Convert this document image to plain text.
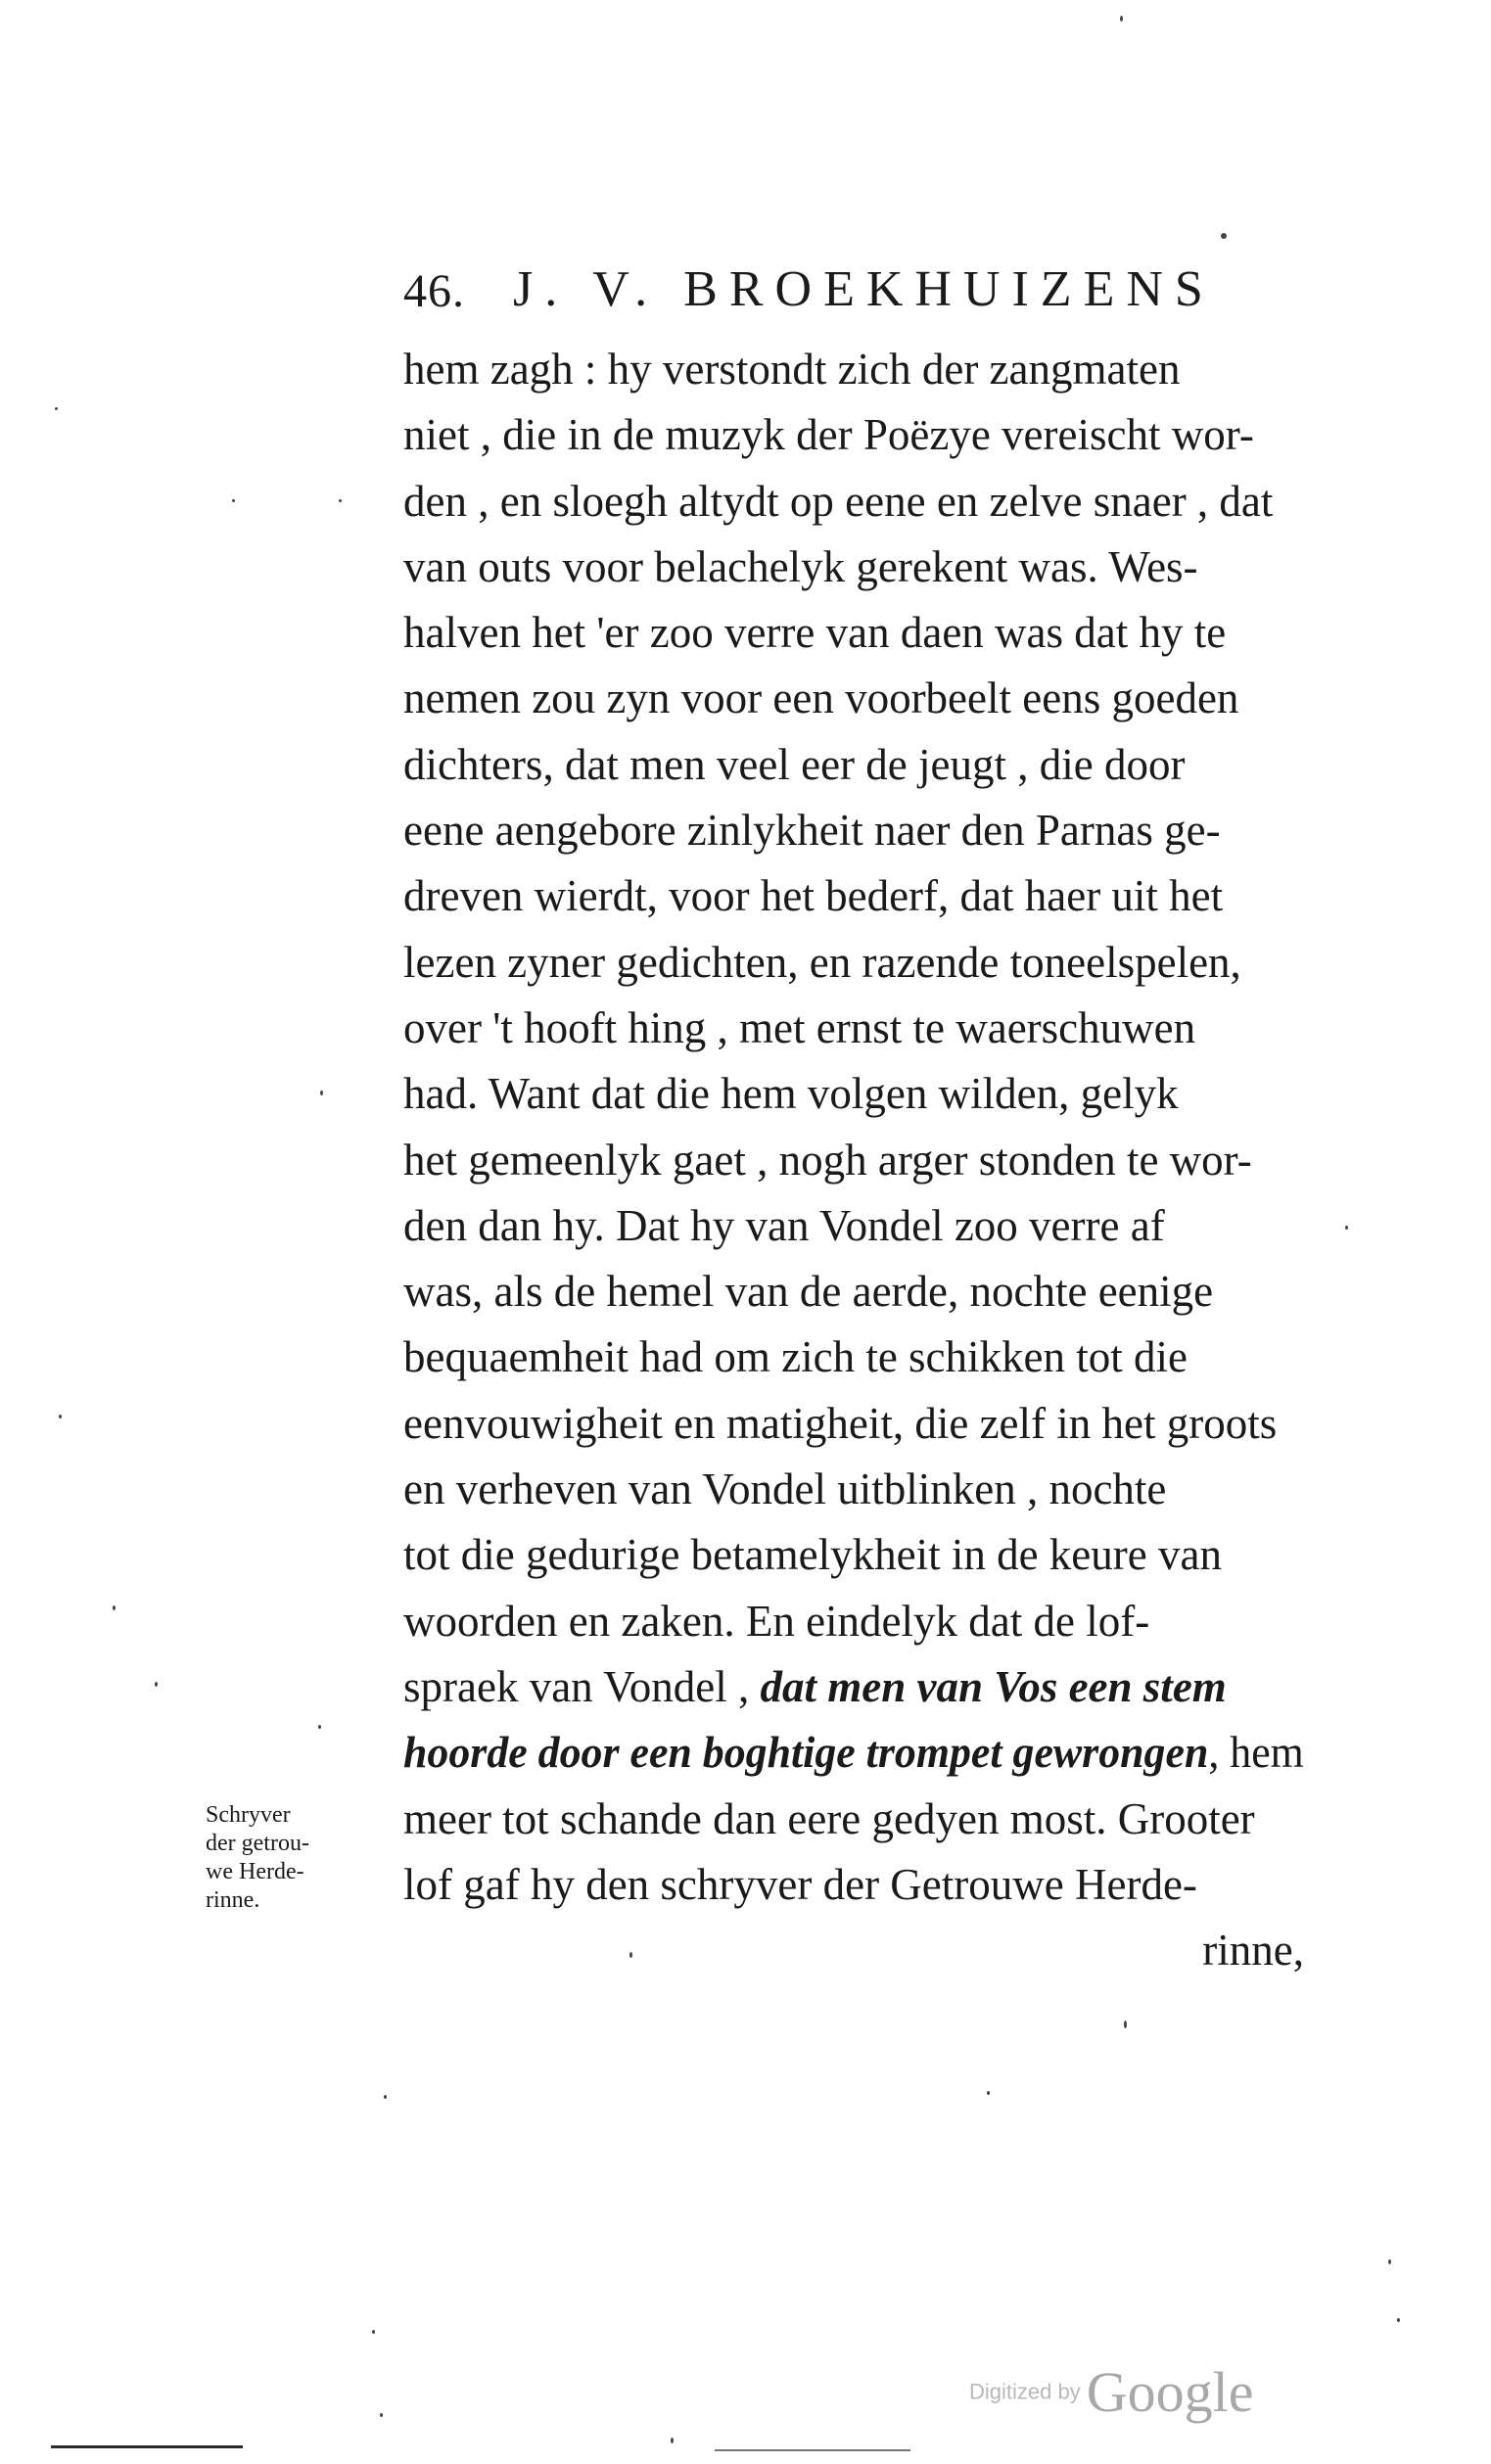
46. J. V. BROEKHUIZENS
hem zagh : hy verstondt zich der zangmaten
niet , die in de muzyk der Poëzye vereischt wor-
den , en sloegh altydt op eene en zelve snaer , dat
van outs voor belachelyk gerekent was. Wes-
halven het 'er zoo verre van daen was dat hy te
nemen zou zyn voor een voorbeelt eens goeden
dichters, dat men veel eer de jeugt , die door
eene aengebore zinlykheit naer den Parnas ge-
dreven wierdt, voor het bederf, dat haer uit het
lezen zyner gedichten, en razende toneelspelen,
over 't hooft hing , met ernst te waerschuwen
had. Want dat die hem volgen wilden, gelyk
het gemeenlyk gaet , nogh arger stonden te wor-
den dan hy. Dat hy van Vondel zoo verre af
was, als de hemel van de aerde, nochte eenige
bequaemheit had om zich te schikken tot die
eenvouwigheit en matigheit, die zelf in het groots
en verheven van Vondel uitblinken , nochte
tot die gedurige betamelykheit in de keure van
woorden en zaken. En eindelyk dat de lof-
spraek van Vondel , dat men van Vos een stem
hoorde door een boghtige trompet gewrongen, hem
meer tot schande dan eere gedyen most. Grooter
lof gaf hy den schryver der Getrouwe Herde-
rinne,
Schryver
der getrou-
we Herde-
rinne.
Digitized by Google
